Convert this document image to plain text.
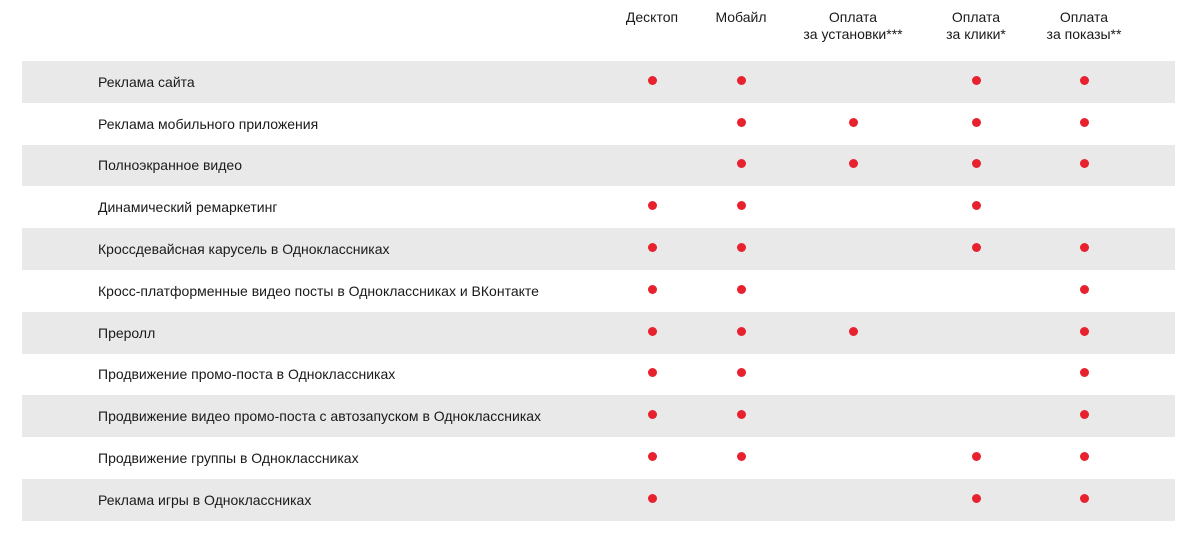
Десктоп	Мобайл	Оплата
за установки***
Оплата
за клики*
Оплата
за показы**
Реклама сайта
Реклама мобильного приложения
Полноэкранное видео
Динамический ремаркетинг
Кроссдевайсная карусель в Одноклассниках
Кросс-платформенные видео посты в Одноклассниках и ВКонтакте
Преролл
Продвижение промо-поста в Одноклассниках
Продвижение видео промо-поста с автозапуском в Одноклассниках
Продвижение группы в Одноклассниках
Реклама игры в Одноклассниках
